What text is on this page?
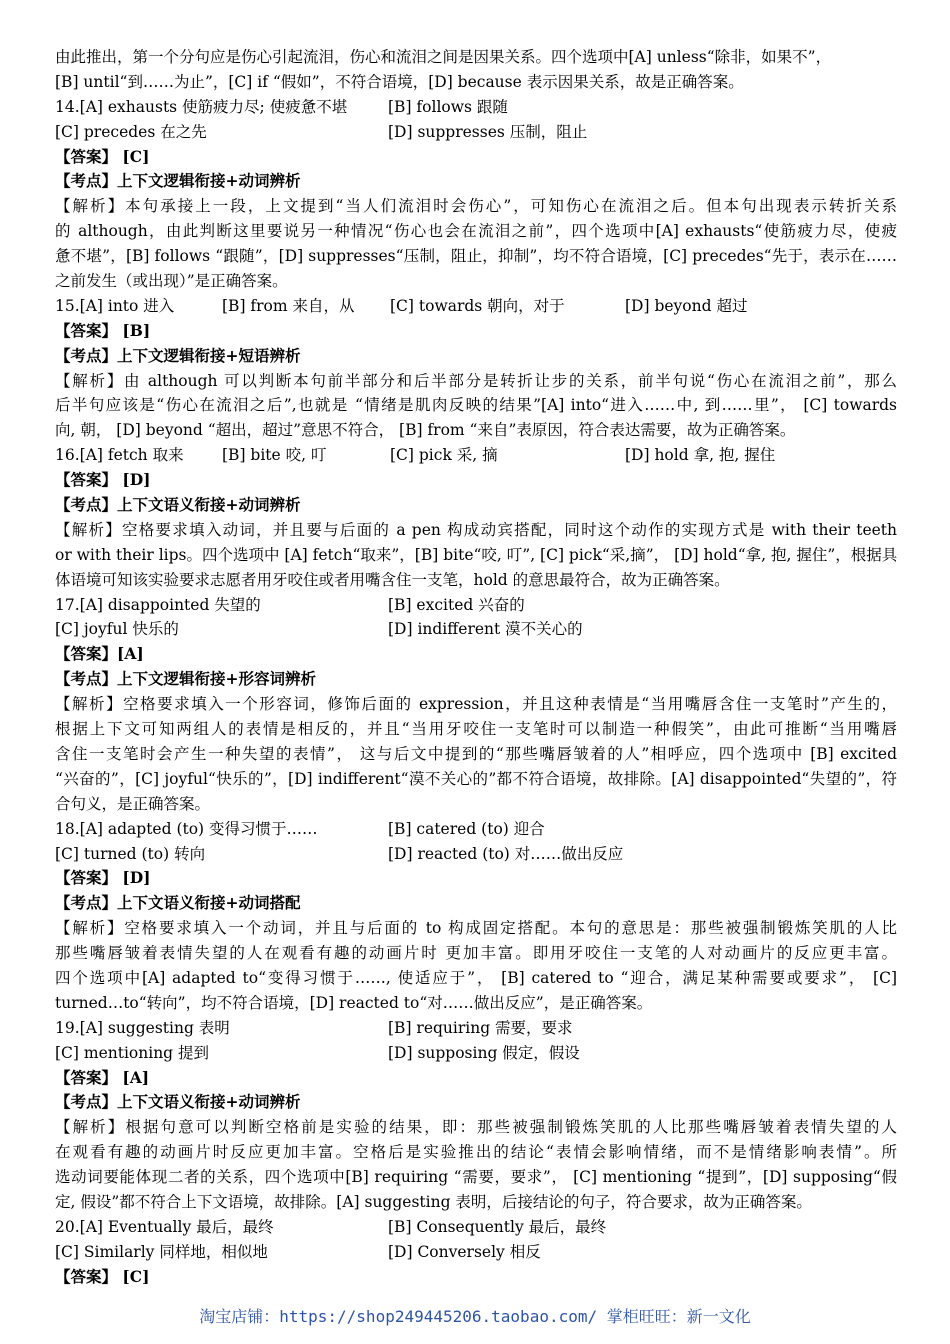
由此推出，第一个分句应是伤心引起流泪，伤心和流泪之间是因果关系。四个选项中[A] unless“除非，如果不”，
[B] until“到……为止”，[C] if “假如”，不符合语境，[D] because 表示因果关系，故是正确答案。
14.[A] exhausts 使筋疲力尽; 使疲惫不堪	[B] follows 跟随
[C] precedes 在之先	[D] suppresses 压制，阻止
【答案】 [C]
【考点】上下文逻辑衔接+动词辨析
【解析】本句承接上一段，上文提到“当人们流泪时会伤心”，可知伤心在流泪之后。但本句出现表示转折关系
的 although，由此判断这里要说另一种情况“伤心也会在流泪之前”，四个选项中[A] exhausts“使筋疲力尽，使疲
惫不堪”，[B] follows “跟随”，[D] suppresses“压制，阻止，抑制”，均不符合语境，[C] precedes“先于，表示在……
之前发生（或出现）”是正确答案。
15.[A] into 进入	[B] from 来自，从	[C] towards 朝向，对于	[D] beyond 超过
【答案】 [B]
【考点】上下文逻辑衔接+短语辨析
【解析】由 although 可以判断本句前半部分和后半部分是转折让步的关系，前半句说“伤心在流泪之前”，那么
后半句应该是“伤心在流泪之后”,也就是 “情绪是肌肉反映的结果”[A] into“进入……中, 到……里”， [C] towards
向, 朝， [D] beyond “超出，超过”意思不符合， [B] from “来自”表原因，符合表达需要，故为正确答案。
16.[A] fetch 取来	[B] bite 咬, 叮	[C] pick 采, 摘	[D] hold 拿, 抱, 握住
【答案】 [D]
【考点】上下文语义衔接+动词辨析
【解析】空格要求填入动词，并且要与后面的 a pen 构成动宾搭配，同时这个动作的实现方式是 with their teeth
or with their lips。四个选项中 [A] fetch“取来”，[B] bite“咬, 叮”, [C] pick“采,摘”， [D] hold“拿, 抱, 握住”，根据具
体语境可知该实验要求志愿者用牙咬住或者用嘴含住一支笔，hold 的意思最符合，故为正确答案。
17.[A] disappointed 失望的	[B] excited 兴奋的
[C] joyful 快乐的	[D] indifferent 漠不关心的
【答案】[A]
【考点】上下文逻辑衔接+形容词辨析
【解析】空格要求填入一个形容词，修饰后面的 expression，并且这种表情是“当用嘴唇含住一支笔时”产生的，
根据上下文可知两组人的表情是相反的，并且“当用牙咬住一支笔时可以制造一种假笑”，由此可推断“当用嘴唇
含住一支笔时会产生一种失望的表情”， 这与后文中提到的“那些嘴唇皱着的人”相呼应，四个选项中 [B] excited
“兴奋的”，[C] joyful“快乐的”，[D] indifferent“漠不关心的”都不符合语境，故排除。[A] disappointed“失望的”，符
合句义，是正确答案。
18.[A] adapted (to) 变得习惯于……	[B] catered (to) 迎合
[C] turned (to) 转向	[D] reacted (to) 对……做出反应
【答案】 [D]
【考点】上下文语义衔接+动词搭配
【解析】空格要求填入一个动词，并且与后面的 to 构成固定搭配。本句的意思是：那些被强制锻炼笑肌的人比
那些嘴唇皱着表情失望的人在观看有趣的动画片时 更加丰富。即用牙咬住一支笔的人对动画片的反应更丰富。
四个选项中[A] adapted to“变得习惯于……, 使适应于”， [B] catered to “迎合，满足某种需要或要求”， [C]
turned…to“转向”，均不符合语境，[D] reacted to“对……做出反应”，是正确答案。
19.[A] suggesting 表明	[B] requiring 需要，要求
[C] mentioning 提到	[D] supposing 假定，假设
【答案】 [A]
【考点】上下文语义衔接+动词辨析
【解析】根据句意可以判断空格前是实验的结果，即：那些被强制锻炼笑肌的人比那些嘴唇皱着表情失望的人
在观看有趣的动画片时反应更加丰富。空格后是实验推出的结论“表情会影响情绪，而不是情绪影响表情”。所
选动词要能体现二者的关系，四个选项中[B] requiring “需要，要求”， [C] mentioning “提到”，[D] supposing“假
定, 假设”都不符合上下文语境，故排除。[A] suggesting 表明，后接结论的句子，符合要求，故为正确答案。
20.[A] Eventually 最后，最终	[B] Consequently 最后，最终
[C] Similarly 同样地，相似地	[D] Conversely 相反
【答案】 [C]
淘宝店铺：https://shop249445206.taobao.com/ 掌柜旺旺：新一文化
